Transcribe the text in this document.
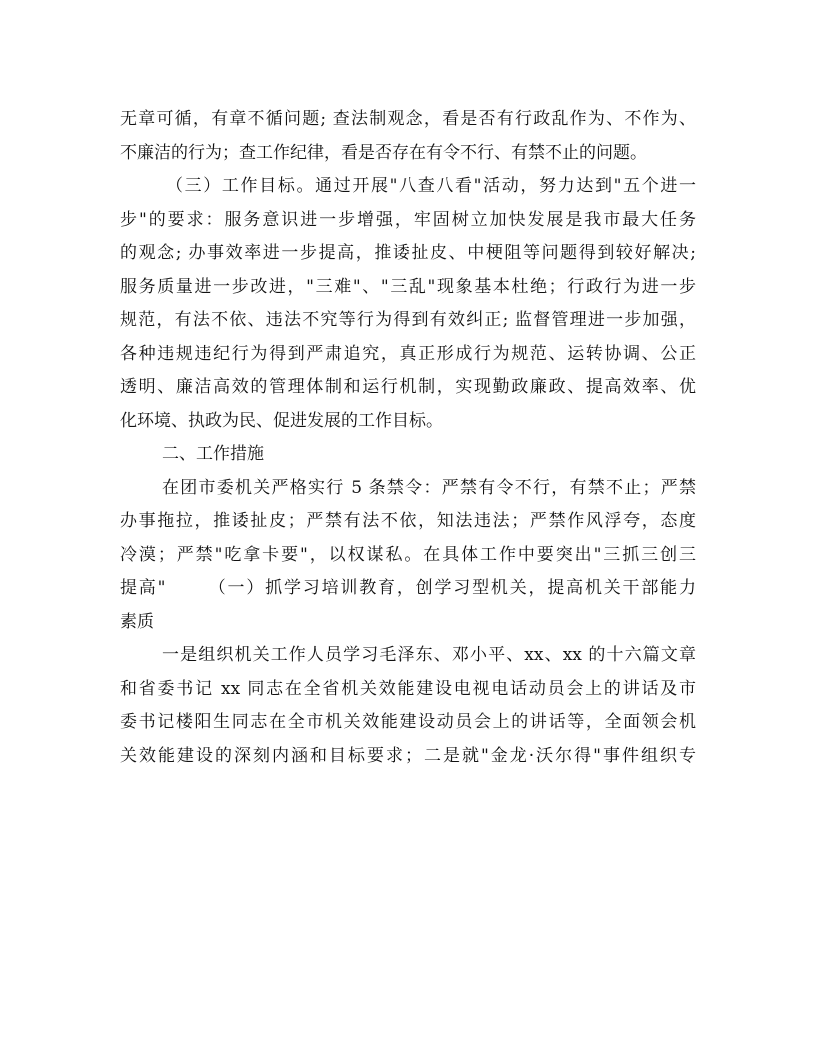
无章可循，有章不循问题; 查法制观念，看是否有行政乱作为、不作为、
不廉洁的行为；查工作纪律，看是否存在有令不行、有禁不止的问题。
（三）工作目标。通过开展"八查八看"活动，努力达到"五个进一
步"的要求：服务意识进一步增强，牢固树立加快发展是我市最大任务
的观念; 办事效率进一步提高，推诿扯皮、中梗阻等问题得到较好解决;
服务质量进一步改进，"三难"、"三乱"现象基本杜绝；行政行为进一步
规范，有法不依、违法不究等行为得到有效纠正; 监督管理进一步加强，
各种违规违纪行为得到严肃追究，真正形成行为规范、运转协调、公正
透明、廉洁高效的管理体制和运行机制，实现勤政廉政、提高效率、优
化环境、执政为民、促进发展的工作目标。
二、工作措施
在团市委机关严格实行 5 条禁令：严禁有令不行，有禁不止；严禁
办事拖拉，推诿扯皮；严禁有法不依，知法违法；严禁作风浮夸，态度
冷漠；严禁"吃拿卡要"，以权谋私。在具体工作中要突出"三抓三创三
提高"      （一）抓学习培训教育，创学习型机关，提高机关干部能力
素质
一是组织机关工作人员学习毛泽东、邓小平、xx、xx 的十六篇文章
和省委书记 xx 同志在全省机关效能建设电视电话动员会上的讲话及市
委书记楼阳生同志在全市机关效能建设动员会上的讲话等，全面领会机
关效能建设的深刻内涵和目标要求；二是就"金龙·沃尔得"事件组织专
